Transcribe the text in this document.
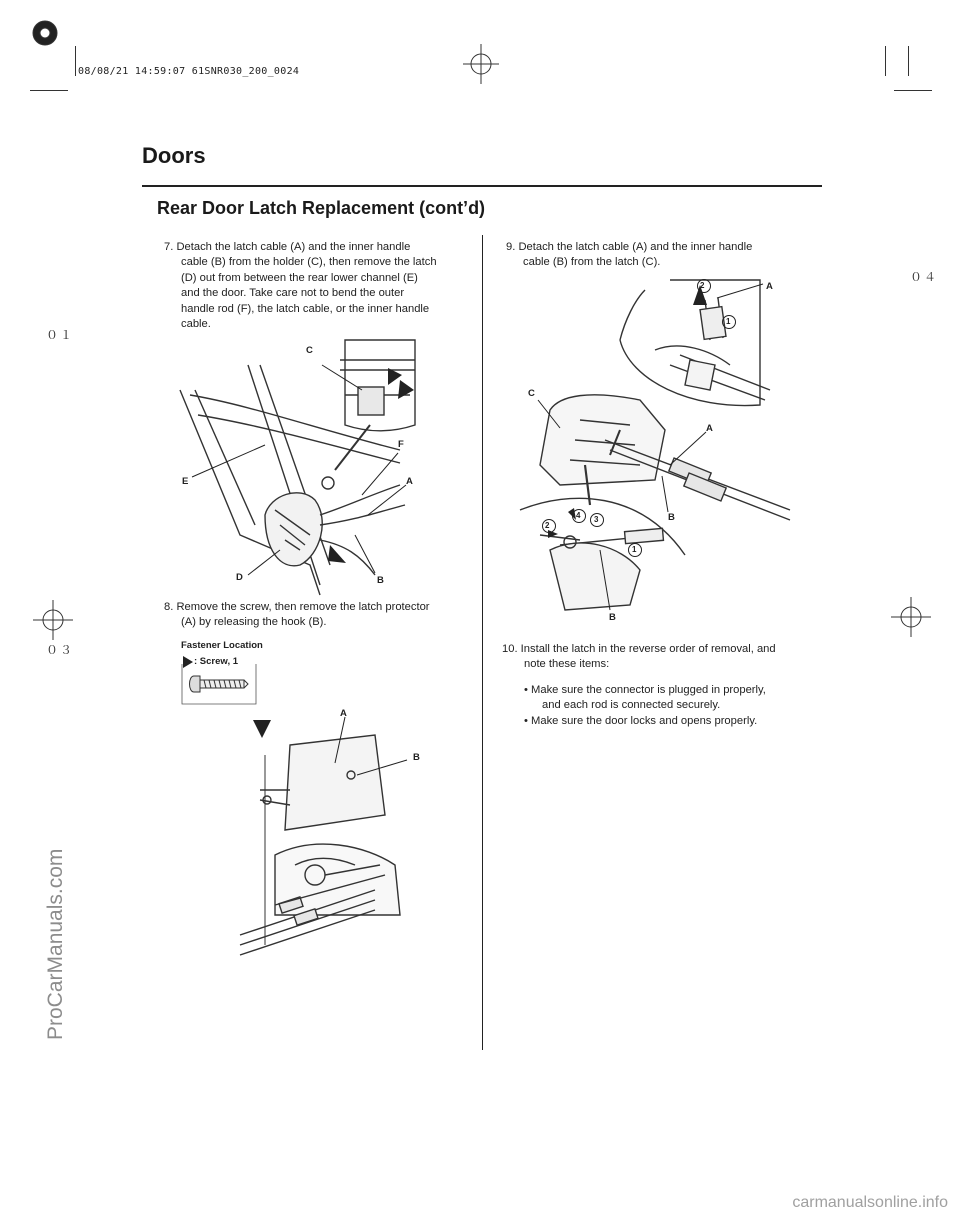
08/08/21 14:59:07 61SNR030_200_0024
０１
０３
０４
Doors
Rear Door Latch Replacement (cont’d)
7. Detach the latch cable (A) and the inner handle
cable (B) from the holder (C), then remove the latch
(D) out from between the rear lower channel (E)
and the door. Take care not to bend the outer
handle rod (F), the latch cable, or the inner handle
cable.
C
F
E	A
D	B
8. Remove the screw, then remove the latch protector
(A) by releasing the hook (B).
Fastener Location
: Screw, 1
A
B
9. Detach the latch cable (A) and the inner handle
cable (B) from the latch (C).
A
C
A
B
B
2
1
4 3
2
1
10. Install the latch in the reverse order of removal, and
note these items:
• Make sure the connector is plugged in properly,
and each rod is connected securely.
• Make sure the door locks and opens properly.
ProCarManuals.com
carmanualsonline.info
